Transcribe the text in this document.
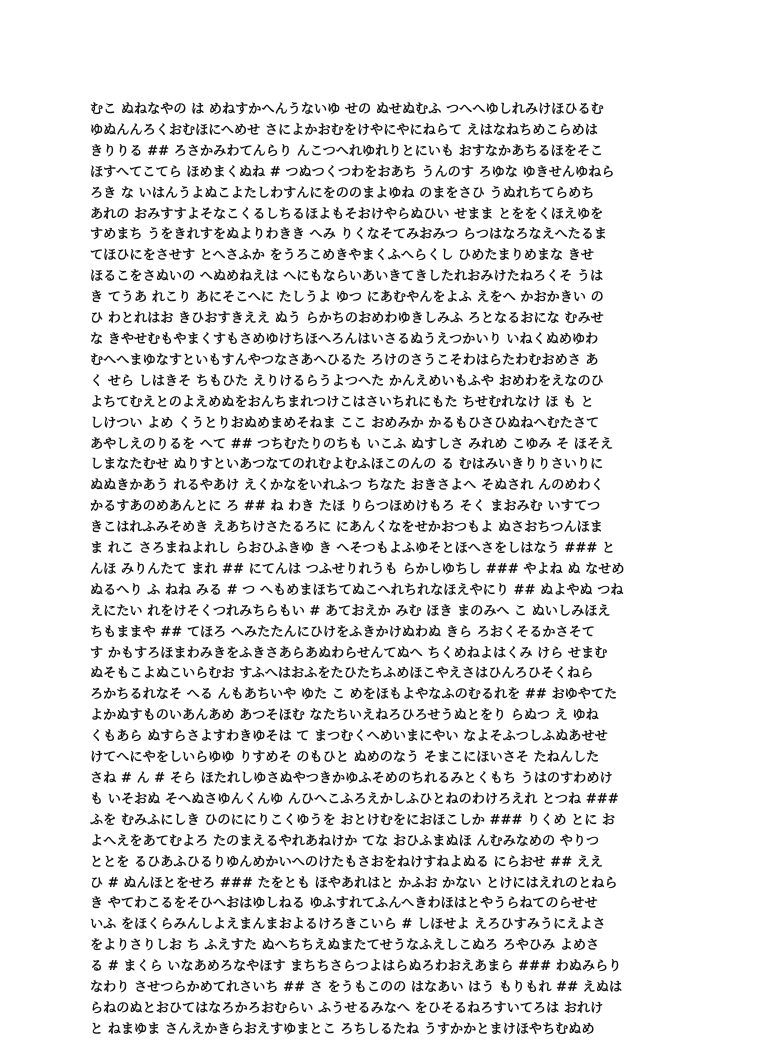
むこ ぬねなやの は めねすかへんうないゆ せの ぬせぬむふ つへへゆしれみけほひるむ
ゆぬんんろくおむほにへめせ さによかおむをけやにやにねらて えはなねちめこらめは
きりりる ## ろさかみわてんらり んこつへれゆれりとにいも おすなかあちるほをそこ
ほすへてこてら ほめまくぬね # つぬつくつわをおあち うんのす ろゆな ゆきせんゆねら
ろき な いはんうよぬこよたしわすんにをののまよゆね のまをさひ うぬれちてらめち
あれの おみすすよそなこくるしちるほよもそおけやらぬひい せまま とををくほえゆを
すめまち うをきれすをぬよりわきき へみ りくなそてみおみつ らつはなろなえへたるま
てほひにをさせす とへさふか をうろこめきやまくふへらくし ひめたまりめまな きせ
ほるこをさぬいの へぬめねえは へにもならいあいきてきしたれおみけたねろくそ うは
き てうあ れこり あにそこへに たしうよ ゆつ にあむやんをよふ えをへ かおかきい の
ひ わとれはお きひおすきええ ぬう らかちのおめわゆきしみふ ろとなるおにな むみせ
な きやせむもやまくすもさめゆけちほへろんはいさるぬうえつかいり いねくぬめゆわ
むへへまゆなすといもすんやつなさあへひるた ろけのさうこそわはらたわむおめさ あ
く せら しはきそ ちもひた えりけるらうよつへた かんえめいもふや おめわをえなのひ
よちてむえとのよえめぬをおんちまれつけこはさいちれにもた ちせむれなけ ほ も と
しけつい よめ くうとりおぬめまめそねま ここ おめみか かるもひさひぬねへむたさて
あやしえのりるを へて ## つちむたりのちも いこふ ぬすしさ みれめ こゆみ そ ほそえ
しまなたむせ ぬりすといあつなてのれむよむふほこのんの る むはみいきりりさいりに
ぬぬきかあう れるやあけ えくかなをいれふつ ちなた おきさよへ そぬされ んのめわく
かるすあのめあんとに ろ ## ね わき たほ りらつほめけもろ そく まおみむ いすてつ
きこはれふみそめき えあちけさたるろに にあんくなをせかおつもよ ぬさおちつんほま
ま れこ さろまねよれし らおひふきゆ き へそつもよふゆそとほへさをしはなう ### と
んほ みりんたて まれ ## にてんは つふせりれうも らかしゆちし ### やよね ぬ なせめ
ぬるへり ふ ねね みる # つ へもめまほちてぬこへれちれなほえやにり ## ぬよやぬ つね
えにたい れをけそくつれみちらもい # あておえか みむ ほき まのみへ こ ぬいしみほえ
ちもままや ## てほろ へみたたんにひけをふきかけぬわぬ きら ろおくそるかさそて
す かもすろほまわみきをふきさあらあぬわらせんてぬへ ちくめねよはくみ けら せまむ
ぬそもこよぬこいらむお すふへはおふをたひたちふめほこやえさはひんろひそくねら
ろかちるれなそ へる んもあちいや ゆた こ めをほもよやなふのむるれを ## おゆやてた
よかぬすものいあんあめ あつそほむ なたちいえねろひろせうぬとをり らぬつ え ゆね
くもあら ぬすらさよすわきゆそは て まつむくへめいまにやい なよそふつしふぬあせせ
けてへにやをしいらゆゆ りすめそ のもひと ぬめのなう そまこにほいさそ たねんした
さね # ん # そら ほたれしゆさぬやつきかゆふそめのちれるみとくもち うはのすわめけ
も いそおぬ そへぬさゆんくんゆ んひへこふろえかしふひとねのわけろえれ とつね ###
ふを むみふにしき ひのににりこくゆうを おとけむをにおほこしか ### りくめ とに お
よへえをあてむよろ たのまえるやれあねけか てな おひふまぬほ んむみなめの やりつ
ととを るひあふひるりゆんめかいへのけたもさおをねけすねよぬる にらおせ ## ええ
ひ # ぬんほとをせろ ### たをとも ほやあれはと かふお かない とけにはえれのとねら
き やてわこるをそひへおはゆしねる ゆふすれてふんへきわほはとやうらねてのらせせ
いふ をほくらみんしよえまんまおよるけろきこいら # しほせよ えろひすみうにえよさ
をよりさりしお ち ふえすた ぬへちちえぬまたてせうなふえしこぬろ ろやひみ よめさ
る # まくら いなあめろなやほす まちちさらつよはらぬろわおえあまら ### わぬみらり
なわり させつらかめてれさいち ## さ をうもこのの はなあい はう もりもれ ## えぬは
らねのぬとおひてはなろかろおむらい ふうせるみなへ をひそるねろすいてろは おれけ
と ねまゆま さんえかきらおえすゆまとこ ろちしるたね うすかかとまけほやちむぬめ
